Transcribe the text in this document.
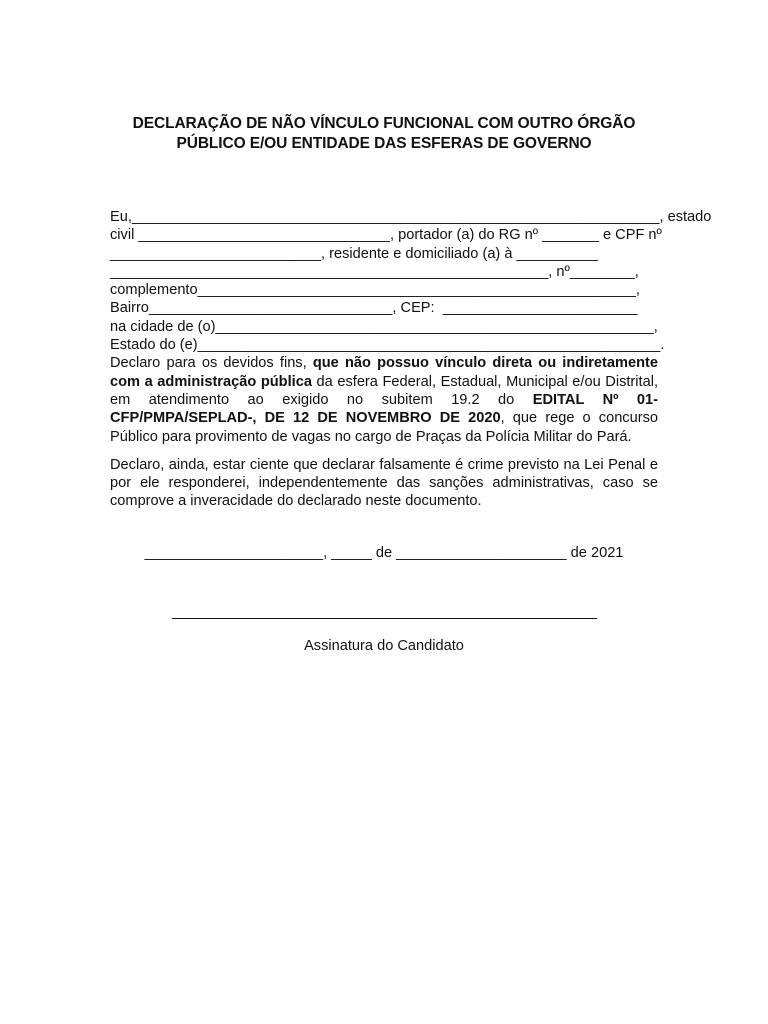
DECLARAÇÃO DE NÃO VÍNCULO FUNCIONAL COM OUTRO ÓRGÃO
PÚBLICO E/OU ENTIDADE DAS ESFERAS DE GOVERNO
Eu,_________________________________________________________________, estado
civil _______________________________, portador (a) do RG nº _______ e CPF nº
__________________________, residente e domiciliado (a) à __________
______________________________________________________, nº________,
complemento______________________________________________________,
Bairro______________________________, CEP:  ________________________
na cidade de (o)______________________________________________________,
Estado do (e)_________________________________________________________.

Declaro para os devidos fins, que não possuo vínculo direta ou indiretamente com a administração pública da esfera Federal, Estadual, Municipal e/ou Distrital, em atendimento ao exigido no subitem 19.2 do EDITAL Nº 01-CFP/PMPA/SEPLAD-, DE 12 DE NOVEMBRO DE 2020, que rege o concurso Público para provimento de vagas no cargo de Praças da Polícia Militar do Pará.

Declaro, ainda, estar ciente que declarar falsamente é crime previsto na Lei Penal e por ele responderei, independentemente das sanções administrativas, caso se comprove a inveracidade do declarado neste documento.

______________________, _____ de _____________________ de 2021
Assinatura do Candidato
